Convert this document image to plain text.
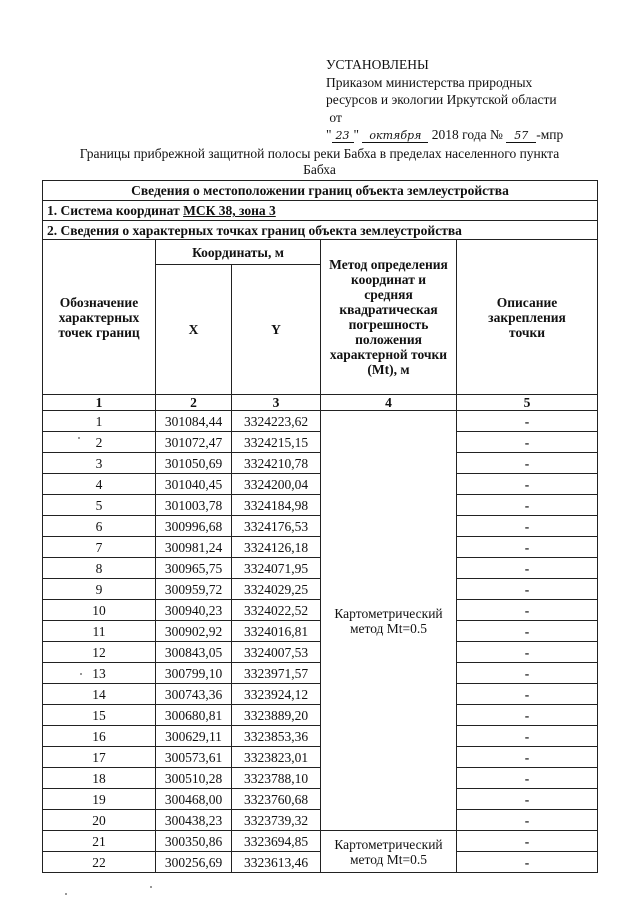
УСТАНОВЛЕНЫ
Приказом министерства природных
ресурсов и экологии Иркутской области
от
" 23 " октября 2018 года № 57 -мпр
Границы прибрежной защитной полосы реки Бабха в пределах населенного пункта
Бабха
Сведения о местоположении границ объекта землеустройства				
1. Система координат МСК 38, зона 3				
2. Сведения о характерных точках границ объекта землеустройства				
Обозначение характерных точек границ	Координаты, м		Метод определения координат и средняя квадратическая погрешность положения характерной точки (Mt), м	Описание закрепления точки
	X	Y		
1	2	3	4	5
1	301084,44	3324223,62	Картометрический метод Mt=0.5	-
2	301072,47	3324215,15		-
3	301050,69	3324210,78		-
4	301040,45	3324200,04		-
5	301003,78	3324184,98		-
6	300996,68	3324176,53		-
7	300981,24	3324126,18		-
8	300965,75	3324071,95		-
9	300959,72	3324029,25		-
10	300940,23	3324022,52		-
11	300902,92	3324016,81		-
12	300843,05	3324007,53		-
13	300799,10	3323971,57		-
14	300743,36	3323924,12		-
15	300680,81	3323889,20		-
16	300629,11	3323853,36		-
17	300573,61	3323823,01		-
18	300510,28	3323788,10		-
19	300468,00	3323760,68		-
20	300438,23	3323739,32		-
21	300350,86	3323694,85	Картометрический метод Mt=0.5	-
22	300256,69	3323613,46		-
